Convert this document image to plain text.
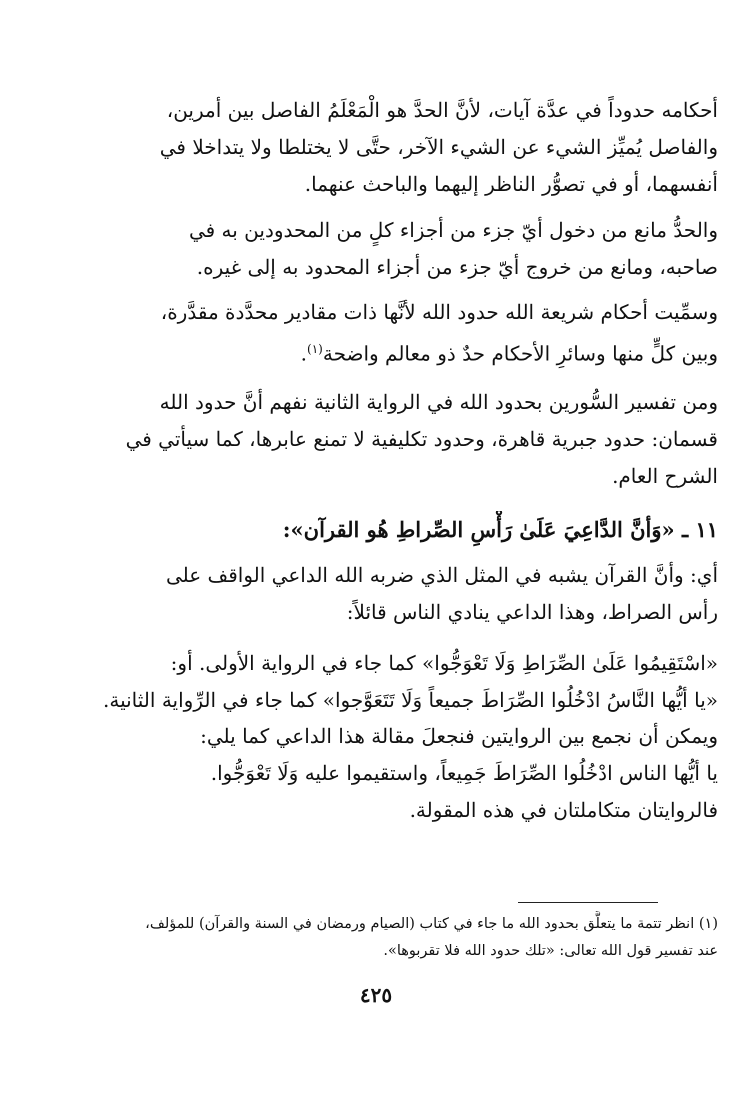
أحكامه حدوداً في عدَّة آيات، لأنَّ الحدَّ هو الْمَعْلَمُ الفاصل بين أمرين،
والفاصل يُميِّز الشيء عن الشيء الآخر، حتَّى لا يختلطا ولا يتداخلا في
أنفسهما، أو في تصوُّر الناظر إليهما والباحث عنهما.
والحدُّ مانع من دخول أيّ جزء من أجزاء كلٍ من المحدودين به في
صاحبه، ومانع من خروج أيّ جزء من أجزاء المحدود به إلى غيره.
وسمِّيت أحكام شريعة الله حدود الله لأنَّها ذات مقادير محدَّدة مقدَّرة،
وبين كلٍّ منها وسائرِ الأحكام حدٌ ذو معالم واضحة$^{(١)}$.
ومن تفسير السُّورين بحدود الله في الرواية الثانية نفهم أنَّ حدود الله
قسمان: حدود جبرية قاهرة، وحدود تكليفية لا تمنع عابرها، كما سيأتي في
الشرح العام.
١١ ـ «وَأنَّ الدَّاعِيَ عَلَىٰ رَأْسِ الصِّراطِ هُو القرآن»:
أي: وأنَّ القرآن يشبه في المثل الذي ضربه الله الداعي الواقف على
رأس الصراط، وهذا الداعي ينادي الناس قائلاً:
«اسْتَقِيمُوا عَلَىٰ الصِّرَاطِ وَلَا تَعْوَجُّوا» كما جاء في الرواية الأولى. أو:
«يا أيُّها النَّاسُ ادْخُلُوا الصِّرَاطَ جميعاً وَلَا تَتَعَوَّجوا» كما جاء في الرِّواية الثانية.
ويمكن أن نجمع بين الروايتين فنجعلَ مقالة هذا الداعي كما يلي:
يا أيُّها الناس ادْخُلُوا الصِّرَاطَ جَمِيعاً، واستقيموا عليه وَلَا تَعْوَجُّوا.
فالروايتان متكاملتان في هذه المقولة.
(١) انظر تتمة ما يتعلَّق بحدود الله ما جاء في كتاب (الصيام ورمضان في السنة والقرآن) للمؤلف،
عند تفسير قول الله تعالى: «تلك حدود الله فلا تقربوها».
٤٢٥
